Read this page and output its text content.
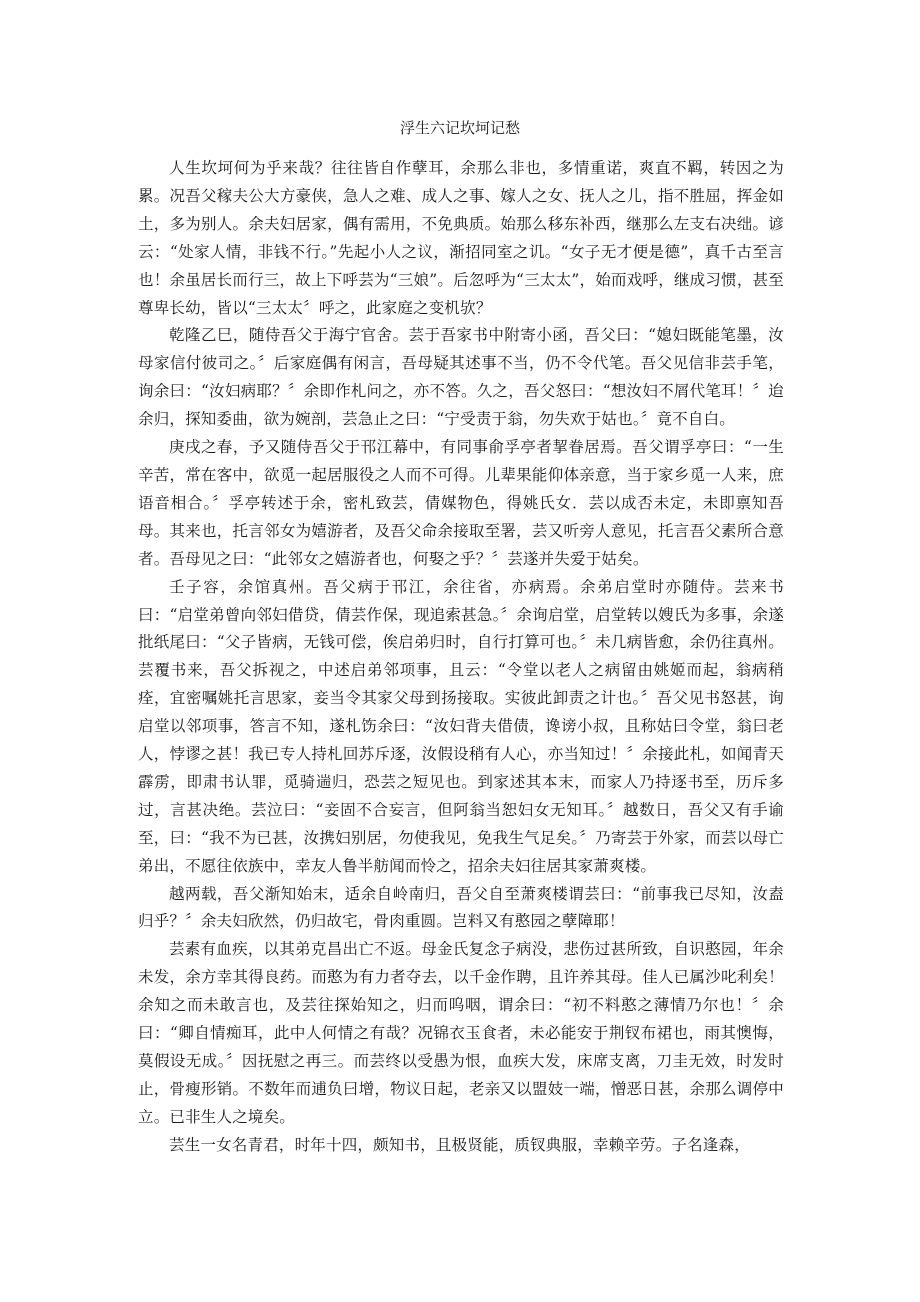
浮生六记坎坷记愁

人生坎坷何为乎来哉？往往皆自作孽耳，余那么非也，多情重诺，爽直不羁，转因之为累。况吾父稼夫公大方豪侠，急人之难、成人之事、嫁人之女、抚人之儿，指不胜屈，挥金如土，多为别人。余夫妇居家，偶有需用，不免典质。始那么移东补西，继那么左支右决绌。谚云：“处家人情，非钱不行。”先起小人之议，渐招同室之讥。“女子无才便是德”，真千古至言也！余虽居长而行三，故上下呼芸为“三娘”。后忽呼为“三太太”，始而戏呼，继成习惯，甚至尊卑长幼，皆以“三太太〞呼之，此家庭之变机欤？

乾隆乙巳，随侍吾父于海宁官舍。芸于吾家书中附寄小函，吾父曰：“媳妇既能笔墨，汝母家信付彼司之。〞后家庭偶有闲言，吾母疑其述事不当，仍不令代笔。吾父见信非芸手笔，询余曰：“汝妇病耶？〞余即作札问之，亦不答。久之，吾父怒曰：“想汝妇不屑代笔耳！〞迨余归，探知委曲，欲为婉剖，芸急止之曰：“宁受责于翁，勿失欢于姑也。〞竟不自白。

庚戌之春，予又随侍吾父于邗江幕中，有同事俞孚亭者挈眷居焉。吾父谓孚亭曰：“一生辛苦，常在客中，欲觅一起居服役之人而不可得。儿辈果能仰体亲意，当于家乡觅一人来，庶语音相合。〞孚亭转述于余，密札致芸，倩媒物色，得姚氏女．芸以成否未定，未即禀知吾母。其来也，托言邻女为嬉游者，及吾父命余接取至署，芸又听旁人意见，托言吾父素所合意者。吾母见之曰：“此邻女之嬉游者也，何娶之乎？〞芸遂并失爱于姑矣。

壬子容，余馆真州。吾父病于邗江，余往省，亦病焉。余弟启堂时亦随侍。芸来书曰：“启堂弟曾向邻妇借贷，倩芸作保，现追索甚急。〞余询启堂，启堂转以嫂氏为多事，余遂批纸尾曰：“父子皆病，无钱可偿，俟启弟归时，自行打算可也。〞未几病皆愈，余仍往真州。芸覆书来，吾父拆视之，中述启弟邻项事，且云：“令堂以老人之病留由姚姬而起，翁病稍痊，宜密嘱姚托言思家，妾当令其家父母到扬接取。实彼此卸责之计也。〞吾父见书怒甚，询启堂以邻项事，答言不知，遂札饬余曰：“汝妇背夫借债，谗谤小叔，且称姑曰令堂，翁曰老人，悖谬之甚！我已专人持札回苏斥逐，汝假设稍有人心，亦当知过！〞余接此札，如闻青天霹雳，即肃书认罪，觅骑遄归，恐芸之短见也。到家述其本末，而家人乃持逐书至，历斥多过，言甚决绝。芸泣曰：“妾固不合妄言，但阿翁当恕妇女无知耳。〞越数日，吾父又有手谕至，曰：“我不为已甚，汝携妇别居，勿使我见，免我生气足矣。〞乃寄芸于外家，而芸以母亡弟出，不愿往依族中，幸友人鲁半舫闻而怜之，招余夫妇往居其家萧爽楼。

越两载，吾父渐知始末，适余自岭南归，吾父自至萧爽楼谓芸曰：“前事我已尽知，汝盍归乎？〞余夫妇欣然，仍归故宅，骨肉重圆。岂料又有憨园之孽障耶！

芸素有血疾，以其弟克昌出亡不返。母金氏复念子病没，悲伤过甚所致，自识憨园，年余未发，余方幸其得良药。而憨为有力者夺去，以千金作聘，且许养其母。佳人已属沙叱利矣！余知之而未敢言也，及芸往探始知之，归而呜咽，谓余曰：“初不料憨之薄情乃尔也！〞余曰：“卿自情痴耳，此中人何情之有哉？况锦衣玉食者，未必能安于荆钗布裙也，雨其懊悔，莫假设无成。〞因抚慰之再三。而芸终以受愚为恨，血疾大发，床席支离，刀圭无效，时发时止，骨瘦形销。不数年而逋负曰增，物议日起，老亲又以盟妓一端，憎恶日甚，余那么调停中立。已非生人之境矣。

芸生一女名青君，时年十四，颇知书，且极贤能，质钗典服，幸赖辛劳。子名逢森，
